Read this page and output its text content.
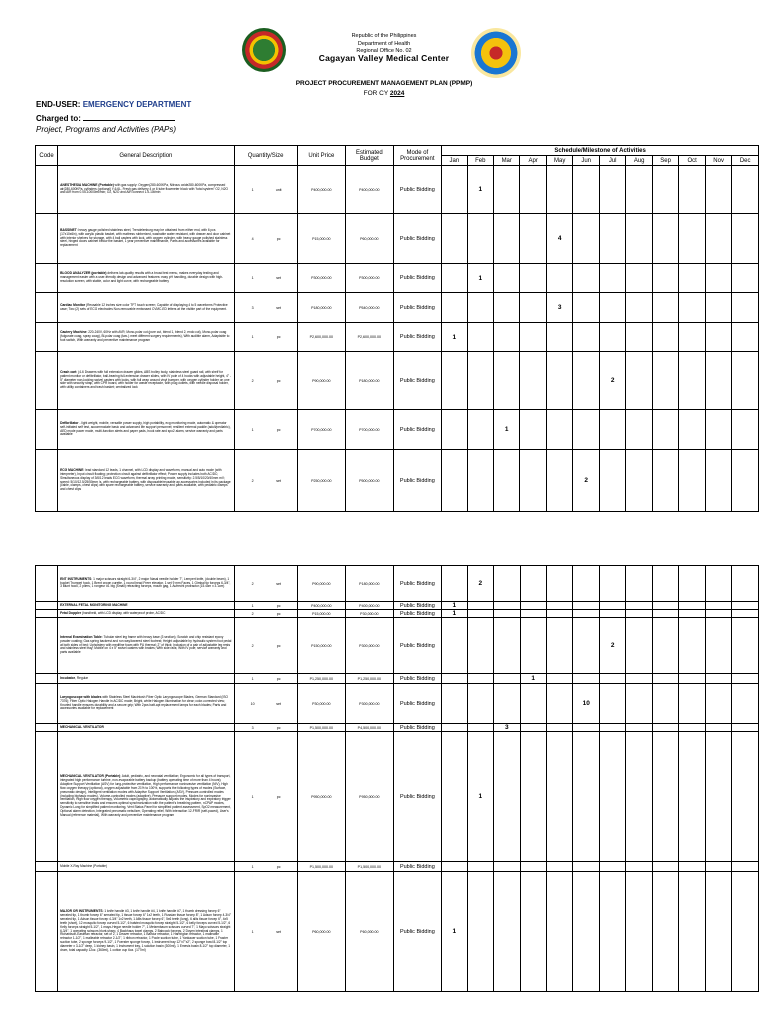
Republic of the Philippines
Department of Health
Regional Office No. 02
Cagayan Valley Medical Center
PROJECT PROCUREMENT MANAGEMENT PLAN (PPMP)
FOR CY 2024
END-USER: EMERGENCY DEPARTMENT
Charged to:
Project, Programs and Activities (PAPs)
Code	General Description	Quantity/Size	Unit Price	Estimated Budget	Mode of Procurement	Schedule/Milestone of Activities											
						Jan	Feb	Mar	Apr	May	Jun	Jul	Aug	Sep	Oct	Nov	Dec
	ANESTHESIA MACHINE (Portable) with gas supply: Oxygen(280-600KPa, Nitrous oxide280-600KPa, compressed air(280-600KPa, cylinders (optional) Y-6.6L, Fresh gas delivery 4 or 6 tube flowmeter block with "total system" O2, N2O and AIR from 0.05-10000ml/min; O2, N2O and AIR connect 1.5-10l/min	1 unit	P400,000.00	P400,000.00	Public Bidding		1										
	BASSINET: heavy gauge polished stainless steel, Trendelenburg may be obtained from either end, with 6 pcs (17x10x6in), with acrylic plastic basket, with mattress rubberized, washable water resistant, with drawer and door cabinet with interior shelves for storage, with 4 ball casters with lock, with oxygen cylinder, with heavy gauge polished stainless steel, hinged doors cabinet below the basket, 1 year preventive maintenance, Parts and accessories available for replacement	4 pc	P15,000.00	P60,000.00	Public Bidding					4							
	BLOOD ANALYZER (portable) delivers lab-quality results with a broad test menu, makes everyday testing and management easier with a user-friendly design and advanced features: easy pH handling, durable design with high-resolution screen, with stable, color and light curve, with rechargeable battery	1 set	P300,000.00	P300,000.00	Public Bidding		1										
	Cardiac Monitor (Reusable 12 inches size color TFT touch screen; Capable of displaying 4 to 5 waveforms Protective case; Two (2) sets of ECG electrodes Non-removable embossed CVMC-ED letters at the visible part of the equipment.	3 set	P180,000.00	P540,000.00	Public Bidding					3							
	Cautery Machine: 220-240V, 60Hz with AVR; Mono-polar cut (pure cut, blend 1, blend 2, endo cut), Mono-polar coag (fulgurate coag, spray coag), Bi-polar coag (two-) meet different surgery requirements), With audible alarm, Adaptable to foot switch, With warranty and preventive maintenance program	1 pc	P2,600,000.00	P2,600,000.00	Public Bidding	1											
	Crash cart: (4-6 Drawers with full extension drawer glides, ABS trolley body, stainless steel guard rail, with shelf for patient monitor or defibrillator, ball-bearing full-extension drawer slides, with IV pole of 4 hooks with adjustable height, 4" - 5" diameter non-locking swivel casters with locks, with full wrap around vinyl bumper, with oxygen cylinder holder on one side with security strap, with CPR board, with holder for waste receptacle, with plug outlets, with needle disposal holder, with utility containers and trash basket; centralized lock	2 pc	P90,000.00	P180,000.00	Public Bidding							2					
	Defibrillator - light weight, mobile, versatile power supply, high portability, ecg monitoring mode, automatic & operator self-initiated self test, accommodate basic and advanced life support personnel; resilient external paddle (adult/pediatric), AED mode pacer mode, multi-function alerts and paper pads, hook rate and spo2 alarm, service warranty and parts available	1 pc	P700,000.00	P700,000.00	Public Bidding			1									
	ECG MACHINE: lead standard 12 leads, 1 channel, with LCD display and waveform, manual and auto mode (with interpreter), Input circuit floating; protection circuit against defibrillator effect; Power supply includes both AC/DC; Simultaneous display of 3/6/12 leads ECG waveform, thermal array printing mode, sensitivity: 2.5/5/10/20/40mm mV; speed: 5/10/12.5/25/50mm /s, with rechargeable battery, with disposable/reusable ap accessories included in its package (cable, clamps, chest clips) with spare rechargeable battery, service warranty and parts available, with pediatric clamps and chest clips	2 set	P250,000.00	P500,000.00	Public Bidding						2						
	ENT INSTRUMENTS: 1 major scissors straight 6-3/4", 2 major Nasal needle holder 7", Lempert knife, (double beam), 1 bucket Trumpet hook, 1 Brent crown curette, 1 round head Freer elevator, 1 set 9 mm Faces, 1 Gimbal tip forceps 6-3/4", 3 Blunt hook, 2 pliers, 1 rongeur #1 big (Small) retracting forceps, mouth gag, 1 Aufrecht protractor (15.4cm x 3.1cm)	2 set	P90,000.00	P180,000.00	Public Bidding		2										
	EXTERNAL FETAL MONITORING MACHINE	1 pc	P400,000.00	P400,000.00	Public Bidding	1											
	Fetal Doppler (handheld, with LCD display, with waterproof probe, AC/DC	2 pc	P15,000.00	P30,000.00	Public Bidding	1											
	Internal Examination Table: Tubular steel leg frame with heavy base (3 section); Scratch and chip resistant epoxy powder coating; Gas spring backrest and run way/lowered steel footrest; Height adjustable by hydraulic system foot pedal at both sides of bed; Upholstery with medifine foam with PU thermal; 2" of thick; Inclusion of a pair of adjustable leg rests and stainless steel tray; Mobile on 4 x 5" swivel casters with brakes; With side rails; With IV pole; service warranty and parts available	2 pc	P150,000.00	P300,000.00	Public Bidding							2					
	Incubator, Regular	1 pc	P1,250,000.00	P1,250,000.00	Public Bidding				1								
	Laryngoscope with blades with Stainless Steel Macintosh Fiber Optic Laryngoscope Blades, German Standard (ISO 7376); Fiber Optic Halogen Handle in AC/DC mode; Bright, white Halogen Illumination for clear; color-corrected view; Knurled handle ensures durability and a secure grip; With 2pcs batt-apt replacement lamps for each blades; Parts and accessories available for replacement	10 set	P30,000.00	P300,000.00	Public Bidding						10						
	MECHANICAL VENTILATOR	3 pc	P1,500,000.00	P4,500,000.00	Public Bidding			3									
	MECHANICAL VENTILATOR (Portable); Adult, pediatric, and neonatal ventilation; Ergonomic for all types of transport, integrated high performance turbine, non-evaporable battery backup (battery operating time of more than 4 hours); Adaptive Support Ventilation (ASV) for lung-protective ventilation, High performance noninvasive ventilation (NIV), High flow oxygen therapy (optional), oxygen adjustable from 21% to 100%, supports the following types of modes (Surface, pneumatic design), Intelligent ventilation modes with Adaptive Support Ventilation (ASV), Pressure-controlled modes (including biphasic modes), Volume-controlled modes (adaptive), Pressure support modes, Modes for noninvasive ventilation, High flow oxygen therapy, Volumetric capnography, automatically adjusts the inspiratory and expiratory trigger sensitivity to sensitive leaks and ensures optimal synchronization with the patient's breathing pattern, nCPAP modes, Dynamic Lung for simplified patient monitoring, Vent Status Panel for simplified patient assessment, SpO2 measurement, Optional alarm detection, Integrated pneumatic nebulizer, Operating relief, With interaction 12-FRIR (self-paced), User's Manual (reference material), With warranty and preventive maintenance program	1 pc	P950,000.00	P950,000.00	Public Bidding		1										
	Mobile X-Ray Machine (Portable)	1 pc	P1,500,000.00	P1,500,000.00	Public Bidding												
	MAJOR OR INSTRUMENTS: 1 knife handle #3, 1 knife handle #4, 1 knife handle #7, 1 thumb dressing forcep 6" serrated tip, 1 thumb forcep 6" serrated tip, 1 tissue forcep 6" 1x2 teeth, 1 Russian tissue forcep 8", 1 Adson forcep 4-3/4" serrated tip, 1 Adson tissue forcep 4-3/4" 1x2 teeth, 1 Allis tissue forcep 6", 5x6 teeth (long), 6 allis tissue forcep 6", 4x5 teeth (short), 12 mosquito forcep curved 5-1/2", 6 halsted mosquito forcep straight 5-1/2", 6 kelly forceps curved 5-1/2", 6 Kelly forceps straight 5-1/2", 1 mayo-Hegar needle holder 7", 1 Metzenbaum scissors curved 7", 1 Mayo scissors straight 6-3/4", 1 operating scissors blunt-sharp, 4 Backhaus towel clamps, 2 Babcock forceps, 2 Doyen intestinal clamps, 1 Richardson-Eastman retractor, set of 2, 1 Deaver retractor, 1 Balfour retractor, 1 Harrington retractor, 1 malleable retractor 1-1/2", 1 malleable retractor 2-1/2", 1 ribbon retractor, 1 Poole suction tube, 1 Yankauer suction tube, 1 Frazier suction tube, 2 sponge forceps 9-1/2", 1 Foerster sponge forcep, 1 instrument tray 12"x7"x2", 2 sponge bowl 8-1/2" top diameter x 3-1/2" deep, 1 kidney basin, 1 Instrument tray, 1 solution basin (300ml), 1 Emesis basin 8-1/2" top diameter, 1 drum, total capacity 12oz. (360ml), 1 cotton cup 6oz. (177ml)	1 set	P60,000.00	P60,000.00	Public Bidding	1											
